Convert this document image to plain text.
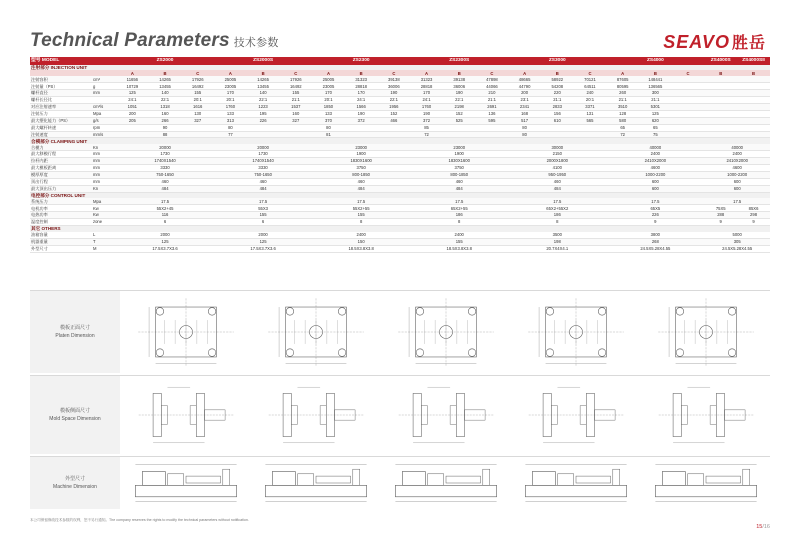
Technical Parameters 技术参数	SEAVO 胜岳
型号 MODEL		ZS2000			ZS2000S			ZS2300			ZS2300S			ZS3000			ZS4000			ZS4000S	ZS4000SII
注射部分 INJECTION UNIT																					
		A	B	C	A	B	C	A	B	C	A	B	C	A	B	C	A	B	C	B	B
注射容积	cm³	11656	14265	17926	25005	14265	17926	25005	31323	39138	31323	39138	47898	48665	58922	70121	87605	148441			
注射量（PS）	g	10729	13455	16492	23005	13455	16492	23005	28818	36006	28818	36006	44066	44790	54208	64511	80595	136565			
螺杆直径	mm	125	140	155	170	140	155	170	170	190	170	190	210	200	220	240	260	300			
螺杆长径比		24:1	22:1	20:1	20:1	22:1	21:1	20:1	24:1	22:1	24:1	22:1	21:1	23:1	21:1	20:1	21:1	21:1			
对应注射速率	cm³/s	1051	1318	1616	1760	1223	1537	1850	1566	1956	1760	2198	2691	2341	2833	3371	3510	5301			
注射压力	Mpa	200	160	130	133	195	160	133	190	152	190	152	136	168	156	131	128	125			
最大塑化能力（PS）	g/s	205	266	327	313	226	327	370	372	466	372	525	595	517	610	565	580	620			
最大螺杆转速	rpm		90		80			80			85			80			65	65			
注射速度	mm/s		88		77			81			72			80			72	75			
合模部分 CLAMPING UNIT																					
合模力	Kn	20000			20000			23000			23000			30000			40000			40000	
最大移模行程	mm	1730			1730			1900			1900			2150			2400			2400	
拉杆内距	mm	1740X1540			1740X1540			1830X1600			1830X1600			2000X1800			2410X2000			2410X2000	
最大模板距离	mm	3330			3330			3750			3750			4100			4600			4600	
模厚厚度	mm	750-1650			750-1650			800-1850			800-1850			950-1950			1000-2200			1000-2200	
顶出行程	mm	460			460			460			460			460			600			600	
最大顶出压力	Kn	484			484			484			484			484			600			600	
电控部分 CONTROL UNIT																					
系统压力	Mpa	17.5			17.5			17.5			17.5			17.5			17.5			17.5	
电机功率	Kw	55X2+45			55X3			55X2+55			65X2+55			65X2+55X2			65X5			75X5	85X6
电热功率	Kw	116			155			155			186			186			226			288	298
温度控制	zone	6			6			8			8			8			9			9	9
其它 OTHERS																					
油箱容量	L	2000			2000			2400			2400			3500			3800			5000	
机器重量	T	125			125			150			155			198			268			305	
外型尺寸	M	17.5X3.7X3.6			17.5X3.7X3.6			18.5X3.8X3.8			18.5X3.8X3.8			20.7X4X4.1			24.5X5.28X4.55			24.5X5.28X4.55	
模板正面尺寸
Platen Dimension
模板侧面尺寸
Mold Space Dimension
外型尺寸
Machine Dimension
本公司保留修改技术参数的权利，恕不另行通知。The company reserves the rights to modify the technical parameters without notification.
15/16
